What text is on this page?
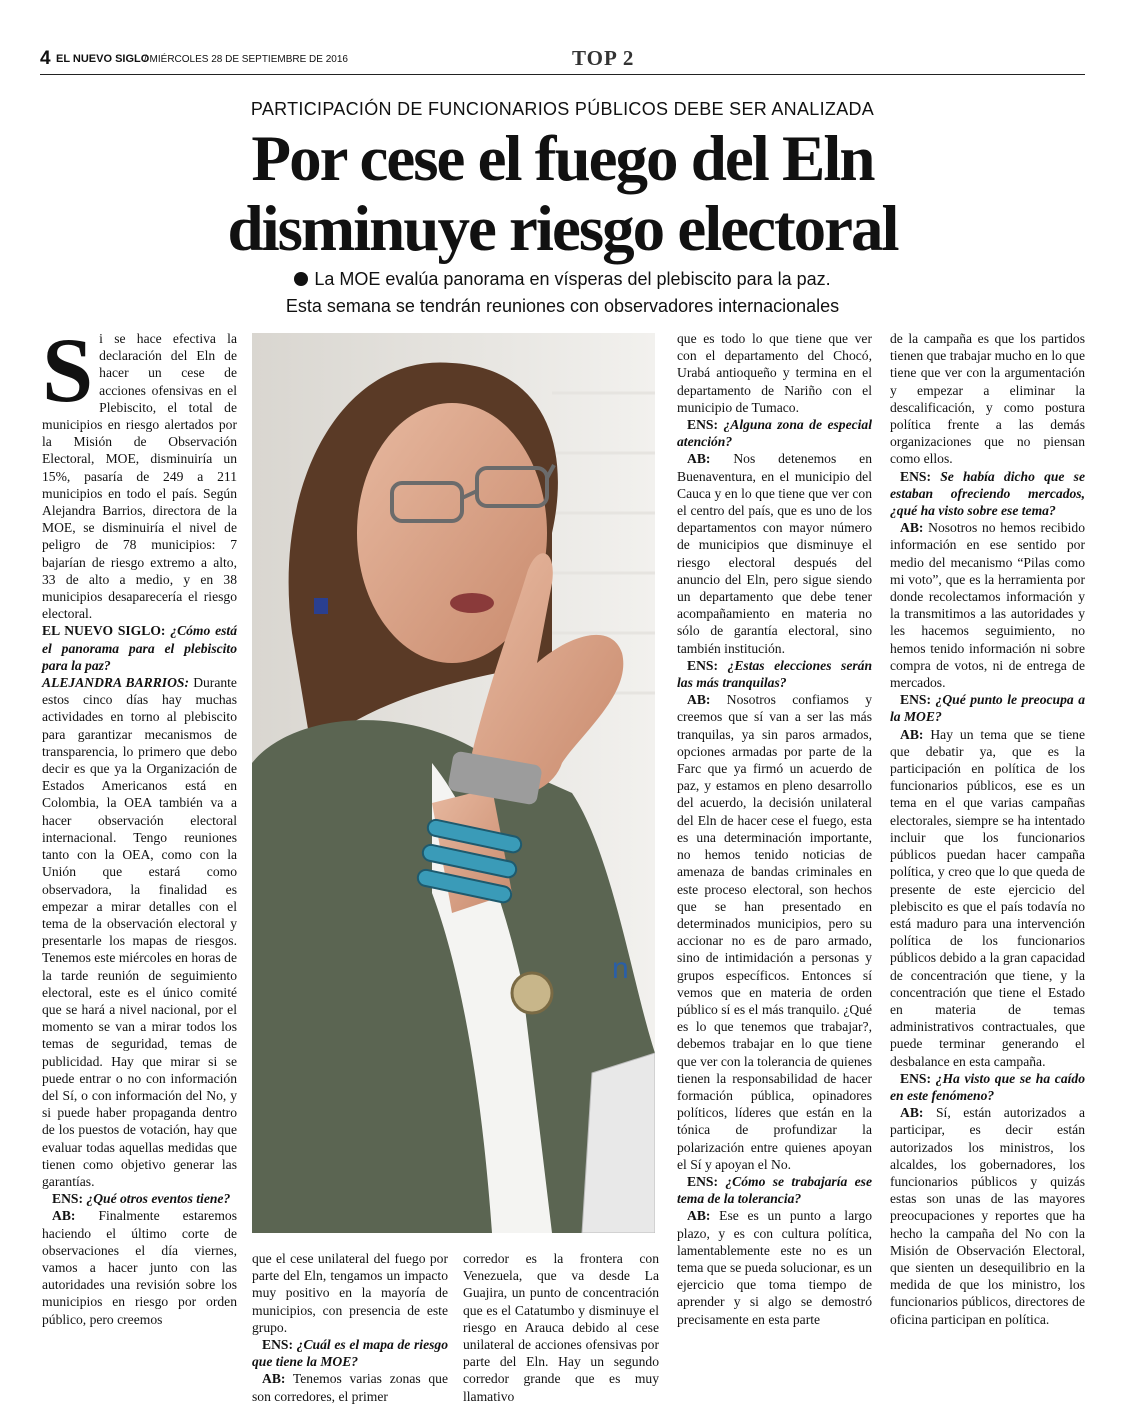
4 EL NUEVO SIGLO
/ MIÉRCOLES 28 DE SEPTIEMBRE DE 2016	TOP 2
PARTICIPACIÓN DE FUNCIONARIOS PÚBLICOS DEBE SER ANALIZADA
Por cese el fuego del Eln
disminuye riesgo electoral
La MOE evalúa panorama en vísperas del plebiscito para la paz.
Esta semana se tendrán reuniones con observadores internacionales
n

Si se hace efectiva la declaración del Eln de hacer un cese de acciones ofensivas en el Plebiscito, el total de municipios en riesgo alertados por la Misión de Observación Electoral, MOE, disminuiría un 15%, pasaría de 249 a 211 municipios en todo el país. Según Alejandra Barrios, directora de la MOE, se disminuiría el nivel de peligro de 78 municipios: 7 bajarían de riesgo extremo a alto, 33 de alto a medio, y en 38 municipios desaparecería el riesgo electoral.

EL NUEVO SIGLO: ¿Cómo está el panorama para el plebiscito para la paz?

ALEJANDRA BARRIOS: Durante estos cinco días hay muchas actividades en torno al plebiscito para garantizar mecanismos de transparencia, lo primero que debo decir es que ya la Organización de Estados Americanos está en Colombia, la OEA también va a hacer observación electoral internacional. Tengo reuniones tanto con la OEA, como con la Unión que estará como observadora, la finalidad es empezar a mirar detalles con el tema de la observación electoral y presentarle los mapas de riesgos. Tenemos este miércoles en horas de la tarde reunión de seguimiento electoral, este es el único comité que se hará a nivel nacional, por el momento se van a mirar todos los temas de seguridad, temas de publicidad. Hay que mirar si se puede entrar o no con información del Sí, o con información del No, y si puede haber propaganda dentro de los puestos de votación, hay que evaluar todas aquellas medidas que tienen como objetivo generar las garantías.

ENS: ¿Qué otros eventos tiene?

AB: Finalmente estaremos haciendo el último corte de observaciones el día viernes, vamos a hacer junto con las autoridades una revisión sobre los municipios en riesgo por orden público, pero creemos

que el cese unilateral del fuego por parte del Eln, tengamos un impacto muy positivo en la mayoría de municipios, con presencia de este grupo.

ENS: ¿Cuál es el mapa de riesgo que tiene la MOE?

AB: Tenemos varias zonas que son corredores, el primer

corredor es la frontera con Venezuela, que va desde La Guajira, un punto de concentración que es el Catatumbo y disminuye el riesgo en Arauca debido al cese unilateral de acciones ofensivas por parte del Eln. Hay un segundo corredor grande que es muy llamativo

que es todo lo que tiene que ver con el departamento del Chocó, Urabá antioqueño y termina en el departamento de Nariño con el municipio de Tumaco.

ENS: ¿Alguna zona de especial atención?

AB: Nos detenemos en Buenaventura, en el municipio del Cauca y en lo que tiene que ver con el centro del país, que es uno de los departamentos con mayor número de municipios que disminuye el riesgo electoral después del anuncio del Eln, pero sigue siendo un departamento que debe tener acompañamiento en materia no sólo de garantía electoral, sino también institución.

ENS: ¿Estas elecciones serán las más tranquilas?

AB: Nosotros confiamos y creemos que sí van a ser las más tranquilas, ya sin paros armados, opciones armadas por parte de la Farc que ya firmó un acuerdo de paz, y estamos en pleno desarrollo del acuerdo, la decisión unilateral del Eln de hacer cese el fuego, esta es una determinación importante, no hemos tenido noticias de amenaza de bandas criminales en este proceso electoral, son hechos que se han presentado en determinados municipios, pero su accionar no es de paro armado, sino de intimidación a personas y grupos específicos. Entonces sí vemos que en materia de orden público sí es el más tranquilo. ¿Qué es lo que tenemos que trabajar?, debemos trabajar en lo que tiene que ver con la tolerancia de quienes tienen la responsabilidad de hacer formación pública, opinadores políticos, líderes que están en la tónica de profundizar la polarización entre quienes apoyan el Sí y apoyan el No.

ENS: ¿Cómo se trabajaría ese tema de la tolerancia?

AB: Ese es un punto a largo plazo, y es con cultura política, lamentablemente este no es un tema que se pueda solucionar, es un ejercicio que toma tiempo de aprender y si algo se demostró precisamente en esta parte

de la campaña es que los partidos tienen que trabajar mucho en lo que tiene que ver con la argumentación y empezar a eliminar la descalificación, y como postura política frente a las demás organizaciones que no piensan como ellos.

ENS: Se había dicho que se estaban ofreciendo mercados, ¿qué ha visto sobre ese tema?

AB: Nosotros no hemos recibido información en ese sentido por medio del mecanismo “Pilas como mi voto”, que es la herramienta por donde recolectamos información y la transmitimos a las autoridades y les hacemos seguimiento, no hemos tenido información ni sobre compra de votos, ni de entrega de mercados.

ENS: ¿Qué punto le preocupa a la MOE?

AB: Hay un tema que se tiene que debatir ya, que es la participación en política de los funcionarios públicos, ese es un tema en el que varias campañas electorales, siempre se ha intentado incluir que los funcionarios públicos puedan hacer campaña política, y creo que lo que queda de presente de este ejercicio del plebiscito es que el país todavía no está maduro para una intervención política de los funcionarios públicos debido a la gran capacidad de concentración que tiene, y la concentración que tiene el Estado en materia de temas administrativos contractuales, que puede terminar generando el desbalance en esta campaña.

ENS: ¿Ha visto que se ha caído en este fenómeno?

AB: Sí, están autorizados a participar, es decir están autorizados los ministros, los alcaldes, los gobernadores, los funcionarios públicos y quizás estas son unas de las mayores preocupaciones y reportes que ha hecho la campaña del No con la Misión de Observación Electoral, que sienten un desequilibrio en la medida de que los ministro, los funcionarios públicos, directores de oficina participan en política.
